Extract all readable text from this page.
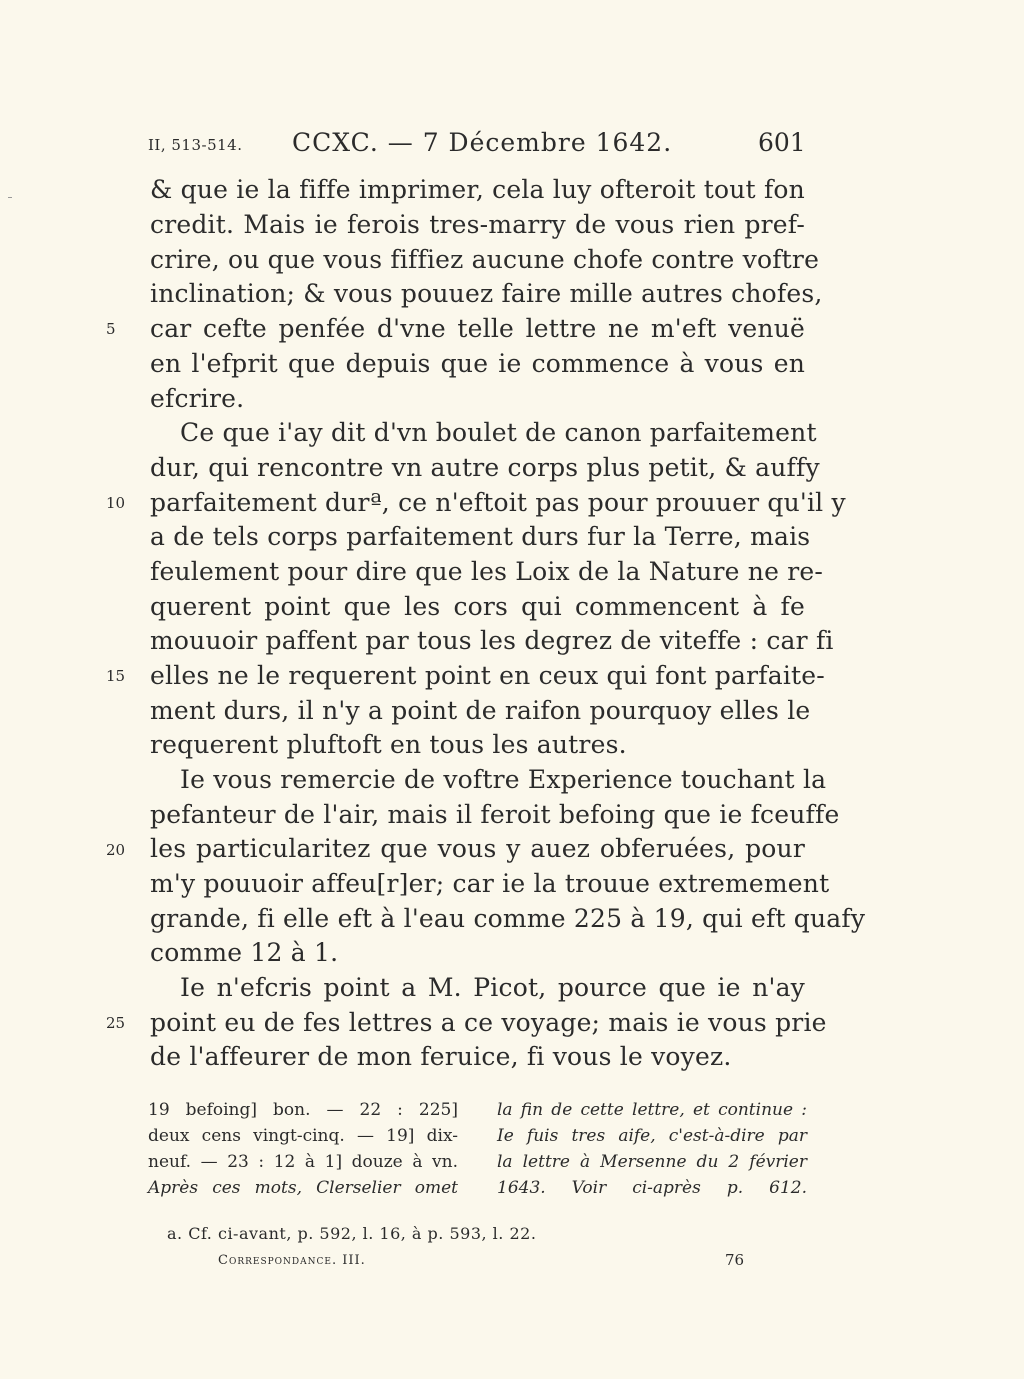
II, 513-514. CCXC. — 7 Décembre 1642.	601
& que ie la fiffe imprimer, cela luy ofteroit tout fon
credit. Mais ie ferois tres-marry de vous rien pref-
crire, ou que vous fiffiez aucune chofe contre voftre
inclination; & vous pouuez faire mille autres chofes,
car cefte penfée d'vne telle lettre ne m'eft venuë
en l'efprit que depuis que ie commence à vous en
efcrire.
Ce que i'ay dit d'vn boulet de canon parfaitement
dur, qui rencontre vn autre corps plus petit, & auffy
parfaitement durª, ce n'eftoit pas pour prouuer qu'il y
a de tels corps parfaitement durs fur la Terre, mais
feulement pour dire que les Loix de la Nature ne re-
querent point que les cors qui commencent à fe
mouuoir paffent par tous les degrez de viteffe : car fi
elles ne le requerent point en ceux qui font parfaite-
ment durs, il n'y a point de raifon pourquoy elles le
requerent pluftoft en tous les autres.
Ie vous remercie de voftre Experience touchant la
pefanteur de l'air, mais il feroit befoing que ie fceuffe
les particularitez que vous y auez obferuées, pour
m'y pouuoir affeu[r]er; car ie la trouue extremement
grande, fi elle eft à l'eau comme 225 à 19, qui eft quafy
comme 12 à 1.
Ie n'efcris point a M. Picot, pource que ie n'ay
point eu de fes lettres a ce voyage; mais ie vous prie
de l'affeurer de mon feruice, fi vous le voyez.
5
10
15
20
25
19 befoing] bon. — 22 : 225]
deux cens vingt-cinq. — 19] dix-
neuf. — 23 : 12 à 1] douze à vn.
Après ces mots, Clerselier omet
la fin de cette lettre, et continue :
Ie fuis tres aife, c'est-à-dire par
la lettre à Mersenne du 2 février
1643. Voir ci-après p. 612.
a. Cf. ci-avant, p. 592, l. 16, à p. 593, l. 22.
Correspondance. III.	76
